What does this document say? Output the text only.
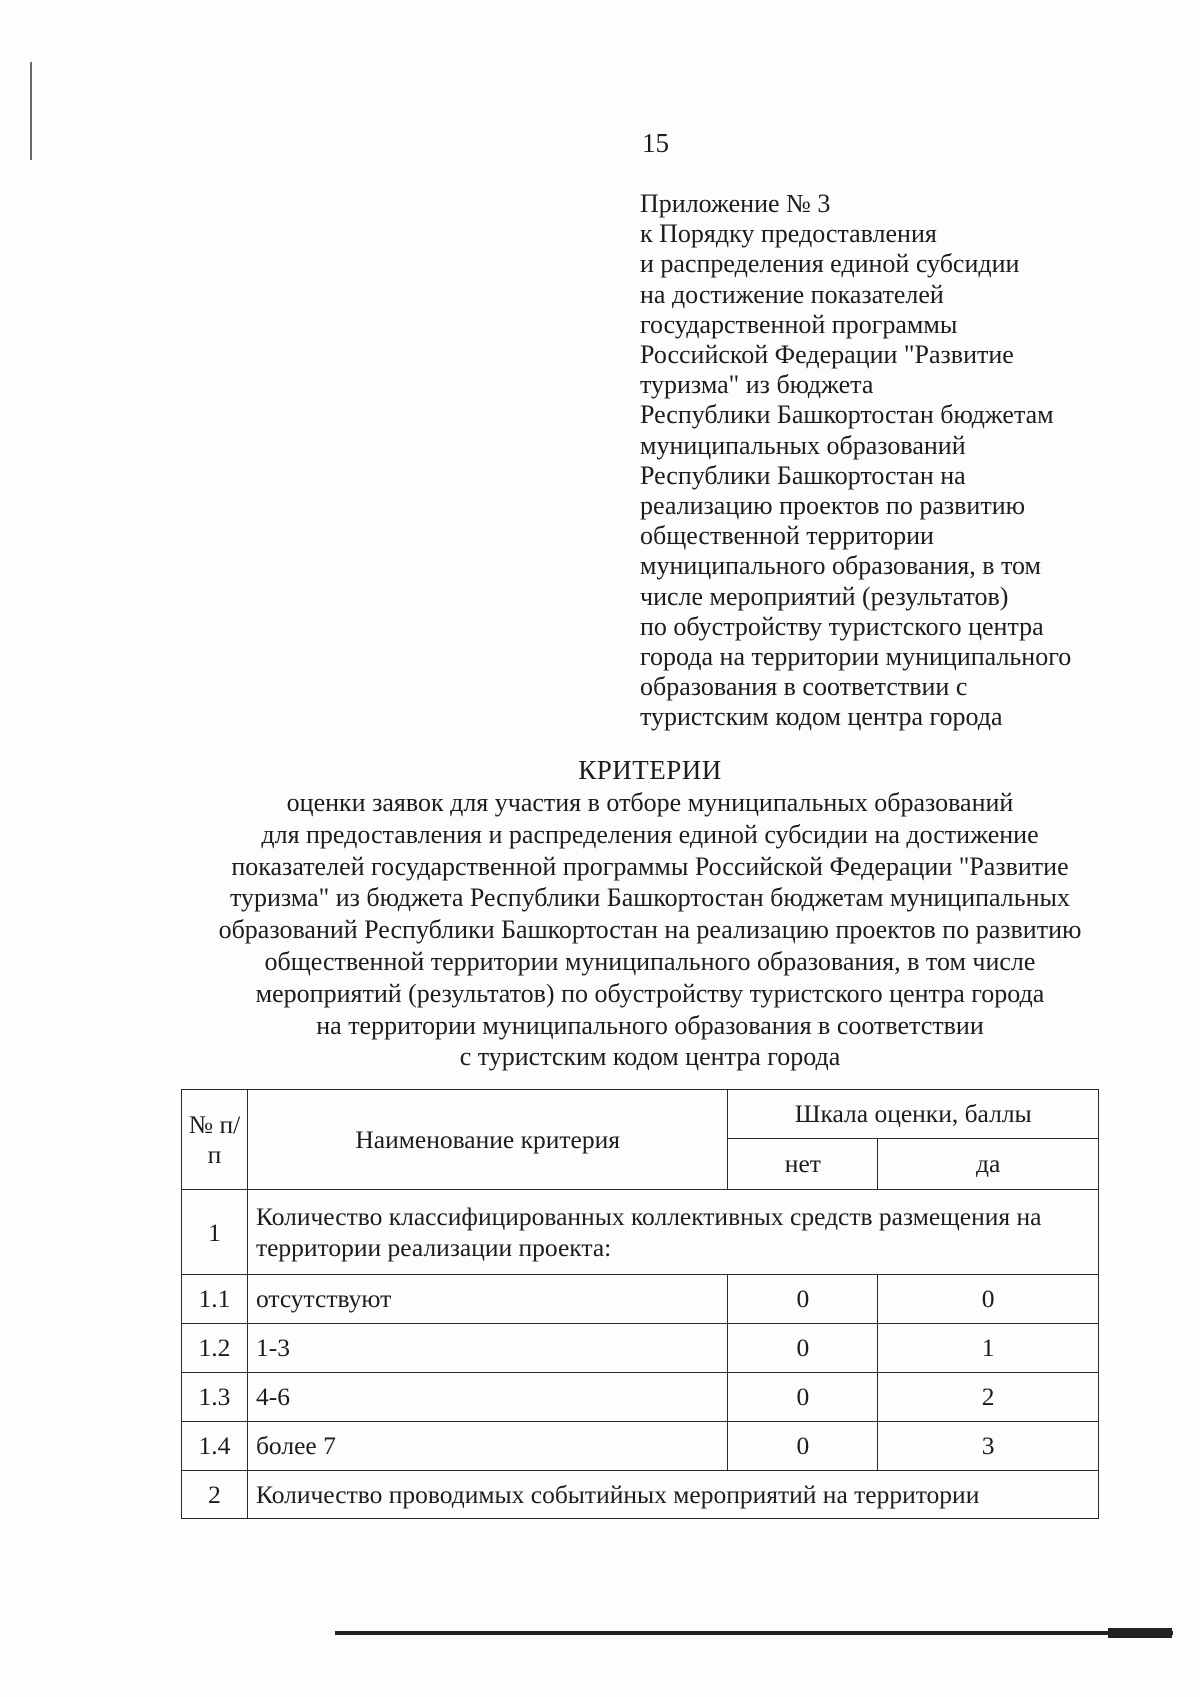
15
Приложение № 3
к Порядку предоставления
и распределения единой субсидии
на достижение показателей
государственной программы
Российской Федерации "Развитие
туризма" из бюджета
Республики Башкортостан бюджетам
муниципальных образований
Республики Башкортостан на
реализацию проектов по развитию
общественной территории
муниципального образования, в том
числе мероприятий (результатов)
по обустройству туристского центра
города на территории муниципального
образования в соответствии с
туристским кодом центра города
КРИТЕРИИ
оценки заявок для участия в отборе муниципальных образований
для предоставления и распределения единой субсидии на достижение
показателей государственной программы Российской Федерации "Развитие
туризма" из бюджета Республики Башкортостан бюджетам муниципальных
образований Республики Башкортостан на реализацию проектов по развитию
общественной территории муниципального образования, в том числе
мероприятий (результатов) по обустройству туристского центра города
на территории муниципального образования в соответствии
с туристским кодом центра города
№ п/п	Наименование критерия	Шкала оценки, баллы	
		нет	да
1	Количество классифицированных коллективных средств размещения на территории реализации проекта:		
1.1	отсутствуют	0	0
1.2	1-3	0	1
1.3	4-6	0	2
1.4	более 7	0	3
2	Количество проводимых событийных мероприятий на территории		
